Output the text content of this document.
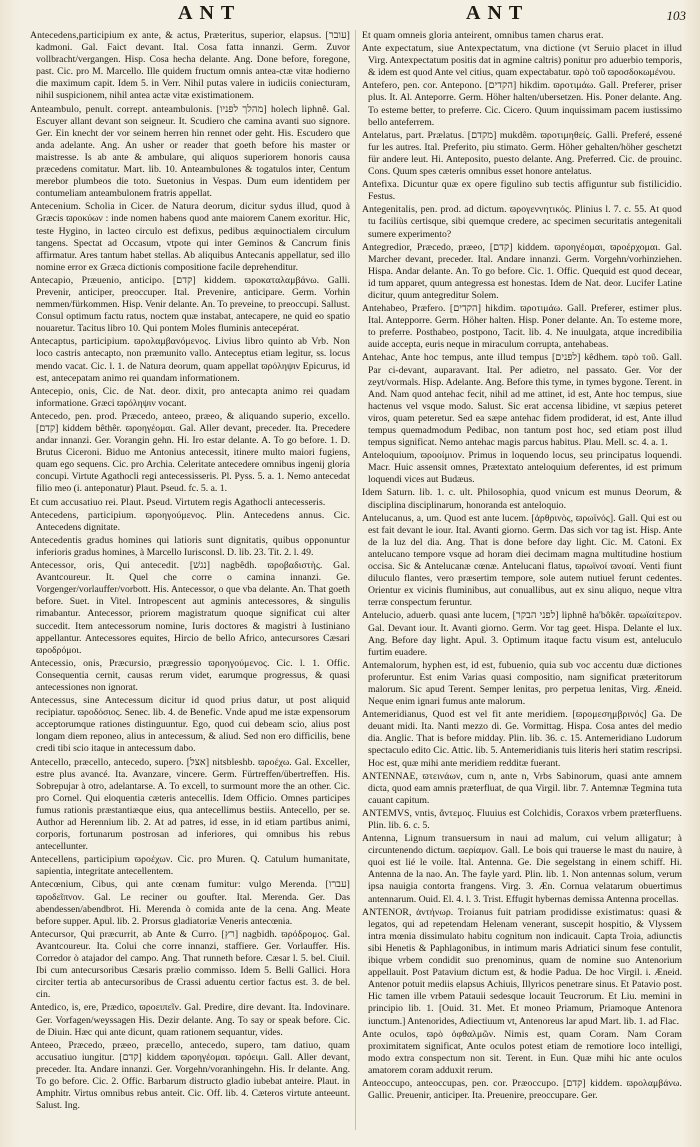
ANT	ANT	103

Antecedens,participium ex ante, & actus, Præteritus, superior, elapsus. [עובר] kadmoni. Gal. Faict devant. Ital. Cosa fatta innanzi. Germ. Zuvor vollbracht/vergangen. Hisp. Cosa hecha delante. Ang. Done before, foregone, past. Cic. pro M. Marcello. Ille quidem fructum omnis antea-ctæ vitæ hodierno die maximum capit. Idem 5. in Verr. Nihil putas valere in iudiciis coniecturam, nihil suspicionem, nihil antea actæ vitæ existimationem.

Anteambulo, penult. corrept. anteambulonis. [מהלך לפניו] holech liphnê. Gal. Escuyer allant devant son seigneur. It. Scudiero che camina avanti suo signore. Ger. Ein knecht der vor seinem herren hin rennet oder geht. His. Escudero que anda adelante. Ang. An usher or reader that goeth before his master or maistresse. Is ab ante & ambulare, qui aliquos superiorem honoris causa præcedens comitatur. Mart. lib. 10. Anteambulones & togatulos inter, Centum merebor plumbeos die toto. Suetonius in Vespas. Dum eum identidem per contumeliam anteambulonem fratris appellat.

Antecenium. Scholia in Cicer. de Natura deorum, dicitur sydus illud, quod à Græcis ϖροκύων : inde nomen habens quod ante maiorem Canem exoritur. Hic, teste Hygino, in lacteo circulo est defixus, pedibus æquinoctialem circulum tangens. Spectat ad Occasum, vtpote qui inter Geminos & Cancrum finis affirmatur. Ares tantum habet stellas. Ab aliquibus Antecanis appellatur, sed illo nomine error ex Græca dictionis compositione facile deprehenditur.

Antecapio, Præuenio, anticipo. [קדם] kiddem. ϖροκαταλαμβάνω. Galli. Prevenir, anticiper, preoccuper. Ital. Prevenire, anticipare. Germ. Vorhin nemmen/fürkommen. Hisp. Venir delante. An. To preveine, to preoccupi. Sallust. Consul optimum factu ratus, noctem quæ instabat, antecapere, ne quid eo spatio nouaretur. Tacitus libro 10. Qui pontem Moles fluminis antecepérat.

Antecaptus, participium. ϖρολαμβανόμενος. Livius libro quinto ab Vrb. Non loco castris antecapto, non præmunito vallo. Anteceptus etiam legitur, ss. locus mendo vacat. Cic. l. 1. de Natura deorum, quam appellat ϖρόληψιν Epicurus, id est, antecepatam animo rei quandam informationem.

Antecepio, onis, Cic. de Nat. deor. dixit, pro antecapta animo rei quadam informatione. Græci ϖρόληψιν vocant.

Antecedo, pen. prod. Præcedo, anteeo, præeo, & aliquando superio, excello. [קדם] kiddem bêthêr. ϖροηγέομαι. Gal. Aller devant, preceder. Ita. Precedere andar innanzi. Ger. Vorangin gehn. Hi. Iro estar delante. A. To go before. 1. D. Brutus Ciceroni. Biduo me Antonius antecessit, itinere multo maiori fugiens, quam ego sequens. Cic. pro Archia. Celeritate antecedere omnibus ingenij gloria concupi. Virtute Agathocli regi antecessisseris. Pl. Pyss. 5. a. 1. Nemo antecedat filio meo (i. anteponatur) Plaut. Pseud. fc. 5. a. 1.

Et cum accusatiuo rei. Plaut. Pseud. Virtutem regis Agathocli antecesseris.

Antecedens, participium. ϖροηγούμενος. Plin. Antecedens annus. Cic. Antecedens dignitate.

Antecedentis gradus homines qui latioris sunt dignitatis, quibus opponuntur inferioris gradus homines, à Marcello Iurisconsl. D. lib. 23. Tit. 2. l. 49.

Antecessor, oris, Qui antecedit. [נגשׁ] nagbêdh. ϖροβαδιστὴς. Gal. Avantcoureur. It. Quel che corre o camina innanzi. Ge. Vorgenger/vorlauffer/vorbott. His. Antecessor, o que vba delante. An. That goeth before. Suet. in Vitel. Intropescent aut agminis antecessores, & singulis rimabantur. Antecessor, priorem magistratum quoque significat cui alter succedit. Item antecessorum nomine, Iuris doctores & magistri à Iustiniano appellantur. Antecessores equites, Hircio de bello Africo, antecursores Cæsari ϖροδρόμοι.

Antecessio, onis, Præcursio, prægressio ϖροηγούμενος. Cic. l. 1. Offic. Consequentia cernit, causas rerum videt, earumque progressus, & quasi antecessiones non ignorat.

Antecessus, sine Antecessum dicitur id quod prius datur, ut post aliquid recipiatur. ϖροδόσιος. Senec. lib. 4. de Benefic. Vnde apud me istæ expensorum acceptorumque rationes distinguuntur. Ego, quod cui debeam scio, alius post longam diem reponeo, alius in antecessum, & aliud. Sed non ero difficilis, bene credi tibi scio itaque in antecessum dabo.

Antecello, præcello, antecedo, supero. [אצל] nitsbleshb. ϖροέχω. Gal. Exceller, estre plus avancé. Ita. Avanzare, vincere. Germ. Fürtreffen/übertreffen. His. Sobrepujar à otro, adelantarse. A. To excell, to surmount more the an other. Cic. pro Cornel. Qui eloquentia cæteris antecellis. Idem Officio. Omnes participes fumus rationis præstantiæque eius, qua antecellimus bestiis. Antecello, per se. Author ad Herennium lib. 2. At ad patres, id esse, in id etiam partibus animi, corporis, fortunarum postrosan ad inferiores, qui omnibus his rebus antecellunter.

Antecellens, participium ϖροέχων. Cic. pro Muren. Q. Catulum humanitate, sapientia, integritate antecellentem.

Antecœnium, Cibus, qui ante cœnam fumitur: vulgo Merenda. [עברו] ϖροδεῖπνον. Gal. Le reciner ou goufter. Ital. Merenda. Ger. Das abendessen/abendbrot. Hi. Merenda ò comida ante de la cena. Ang. Meate before supper. Apul. lib. 2. Prorsus gladiatoriæ Veneris antecœnia.

Antecursor, Qui præcurrit, ab Ante & Curro. [רץ] nagbidh. ϖρόδρομος. Gal. Avantcoureur. Ita. Colui che corre innanzi, staffiere. Ger. Vorlauffer. His. Corredor ò atajador del campo. Ang. That runneth before. Cæsar l. 5. bel. Ciuil. Ibi cum antecursoribus Cæsaris prælio commisso. Idem 5. Belli Gallici. Hora circiter tertia ab antecursoribus de Crassi aduentu certior factus est. 3. de bel. cin.

Antedico, is, ere, Prædico, ϖροειπεῖν. Gal. Predire, dire devant. Ita. Indovinare. Ger. Vorfagen/weyssagen His. Dezir delante. Ang. To say or speak before. Cic. de Diuin. Hæc qui ante dicunt, quam rationem sequantur, vides.

Anteeo, Præcedo, præeo, præcello, antecedo, supero, tam datiuo, quam accusatiuo iungitur. [קדם] kiddem ϖροηγέομαι. ϖρόειμι. Gall. Aller devant, preceder. Ita. Andare innanzi. Ger. Vorgehn/voranhingehn. His. Ir delante. Ang. To go before. Cic. 2. Offic. Barbarum distructo gladio iubebat anteire. Plaut. in Amphitr. Virtus omnibus rebus anteit. Cic. Off. lib. 4. Cæteros virtute anteeunt. Salust. Ing.

Et quam omneis gloria anteirent, omnibus tamen charus erat.

Ante expectatum, siue Antexpectatum, vna dictione (vt Seruio placet in illud Virg. Antexpectatum positis dat in agmine caltris) ponitur pro aduerbio temporis, & idem est quod Ante vel citius, quam expectabatur. ϖρὸ τοῦ ϖροσδοκωμένου.

Antefero, pen. cor. Antepono. [הקדים] hikdim. ϖροτιμάω. Gall. Preferer, priser plus. It. Al. Anteporre. Germ. Höher halten/ubersetzen. His. Poner delante. Ang. To esteme better, to preferre. Cic. Cicero. Quum inquissimam pacem iustissimo bello anteferrem.

Antelatus, part. Prælatus. [מקדם] mukdêm. ϖροτιμηθείς. Galli. Preferé, essené fur les autres. Ital. Preferito, piu stimato. Germ. Höher gehalten/höher geschetzt für andere leut. Hi. Anteposito, puesto delante. Ang. Preferred. Cic. de prouinc. Cons. Quum spes cæteris omnibus esset honore antelatus.

Antefixa. Dicuntur quæ ex opere figulino sub tectis affiguntur sub fistilicidio. Festus.

Antegenitalis, pen. prod. ad dictum. ϖρογεννητικός. Plinius l. 7. c. 55. At quod tu faciliùs certisque, sibi quemque credere, ac specimen securitatis antegenitali sumere experimento?

Antegredior, Præcedo, præeo, [קדם] kiddem. ϖροηγέομαι, ϖροέρχομαι. Gal. Marcher devant, preceder. Ital. Andare innanzi. Germ. Vorgehn/vorhinziehen. Hispa. Andar delante. An. To go before. Cic. 1. Offic. Quequid est quod decear, id tum apparet, quum antegressa est honestas. Idem de Nat. deor. Lucifer Latine dicitur, quum antegreditur Solem.

Antehabeo, Præfero. [הקדים] hikdim. ϖροτιμάω. Gall. Preferer, estimer plus. Ital. Antepporre. Germ. Höher halten. Hisp. Poner delante. An. To esteme more, to preferre. Posthabeo, postpono, Tacit. lib. 4. Ne inuulgata, atque incredibilia auide accepta, euris neque in miraculum corrupta, antehabeas.

Antehac, Ante hoc tempus, ante illud tempus [לפנים] kêdhem. ϖρὸ τοῦ. Gall. Par ci-devant, auparavant. Ital. Per adietro, nel passato. Ger. Vor der zeyt/vormals. Hisp. Adelante. Ang. Before this tyme, in tymes bygone. Terent. in And. Nam quod antehac fecit, nihil ad me attinet, id est, Ante hoc tempus, siue hactenus vel vsque modo. Salust. Sic erat accensa libidine, vt sæpius peteret viros, quam peteretur. Sed ea sæpe antehac fidem prodiderat, id est, Ante illud tempus quemadmodum Pedibac, non tantum post hoc, sed etiam post illud tempus significat. Nemo antehac magis parcus habitus. Plau. Mell. sc. 4. a. 1.

Anteloquium, ϖροοίμιον. Primus in loquendo locus, seu principatus loquendi. Macr. Huic assensit omnes, Prætextato anteloquium deferentes, id est primum loquendi vices aut Budæus.

Idem Saturn. lib. 1. c. ult. Philosophia, quod vnicum est munus Deorum, & disciplina disciplinarum, honoranda est anteloquio.

Antelucanus, a, um. Quod est ante lucem. [ἀρθρινὸς, ϖρωϊνός]. Gall. Qui est ou est fait devant le iour. Ital. Avanti giorno. Germ. Das sich vor tag ist. Hisp. Ante de la luz del dia. Ang. That is done before day light. Cic. M. Catoni. Ex antelucano tempore vsque ad horam diei decimam magna multitudine hostium occisa. Sic & Antelucanæ cœnæ. Antelucani flatus, ϖρωϊνοί ϖνοαί. Venti fiunt diluculo flantes, vero præsertim tempore, sole autem nutiuel ferunt cedentes. Orientur ex vicinis fluminibus, aut conuallibus, aut ex sinu aliquo, neque vltra terræ conspectum feruntur.

Antelucio, aduerb. quasi ante lucem, [לפני הבקר] liphnê ha'bôkêr. ϖρωϊαίτερον. Gal. Devant iour. It. Avanti giorno. Germ. Vor tag geet. Hispa. Delante el lux. Ang. Before day light. Apul. 3. Optimum itaque factu visum est, anteluculo furtim euadere.

Antemalorum, hyphen est, id est, fubuenio, quia sub voc accentu duæ dictiones proferuntur. Est enim Varias quasi compositio, nam significat præteritorum malorum. Sic apud Terent. Semper lenitas, pro perpetua lenitas, Virg. Æneid. Neque enim ignari fumus ante malorum.

Antemeridianus, Quod est vel fit ante meridiem. [ϖρομεσημβρινός] Ga. De deuant midi. Ita. Nanti mezzo di. Ge. Vormittag. Hispa. Cosa antes del medio dia. Anglic. That is before midday. Plin. lib. 36. c. 15. Antemeridiano Ludorum spectaculo edito Cic. Attic. lib. 5. Antemeridianis tuis literis heri statim rescripsi. Hoc est, quæ mihi ante meridiem redditæ fuerant.

ANTENNAE, ϖτεινάων, cum n, ante n, Vrbs Sabinorum, quasi ante amnem dicta, quod eam amnis præterfluat, de qua Virgil. libr. 7. Antemnæ Tegmina tuta cauant capitum.

ANTEMVS, vntis, ἄντεμος. Fluuius est Colchidis, Coraxos vrbem præterfluens. Plin. lib. 6. c. 5.

Antenna, Lignum transuersum in naui ad malum, cui velum alligatur; à circuntenendo dictum. ϖερίαμον. Gall. Le bois qui trauerse le mast du nauire, à quoi est lié le voile. Ital. Antenna. Ge. Die segelstang in einem schiff. Hi. Antenna de la nao. An. The fayle yard. Plin. lib. 1. Non antennas solum, verum ipsa nauigia contorta frangens. Virg. 3. Æn. Cornua velatarum obuertimus antennarum. Ouid. El. 4. l. 3. Trist. Effugit hybernas demissa Antenna procellas.

ANTENOR, ἀντήνωρ. Troianus fuit patriam prodidisse existimatus: quasi & legatos, qui ad repetendam Helenam venerant, suscepit hospitio, & Vlyssem intra mœnia dissimulato habitu cognitum non indicauit. Capta Troia, adiunctis sibi Henetis & Paphlagonibus, in intimum maris Adriatici sinum fese contulit, ibique vrbem condidit suo prenominus, quam de nomine suo Antenorium appellauit. Post Patavium dictum est, & hodie Padua. De hoc Virgil. i. Æneid. Antenor potuit mediis elapsus Achiuis, Illyricos penetrare sinus. Et Patavio post. Hic tamen ille vrbem Patauii sedesque locauit Teucrorum. Et Liu. memini in principio lib. 1. [Ouid. 31. Met. Et moneo Priamum, Priamoque Antenora iunctum.] Antenorides, Adiectiuum vt, Antenoreus lar apud Mart. lib. 1. ad Flac.

Ante oculos, ϖρὸ ὀφθαλμῶν. Nimis est, quam Coram. Nam Coram proximitatem significat, Ante oculos potest etiam de remotiore loco intelligi, modo extra conspectum non sit. Terent. in Eun. Quæ mihi hic ante oculos amatorem coram adduxit rerum.

Anteoccupo, anteoccupas, pen. cor. Præoccupo. [קדם] kiddem. ϖρολαμβάνω. Gallic. Preuenir, anticiper. Ita. Preuenire, preoccupare. Ger.
